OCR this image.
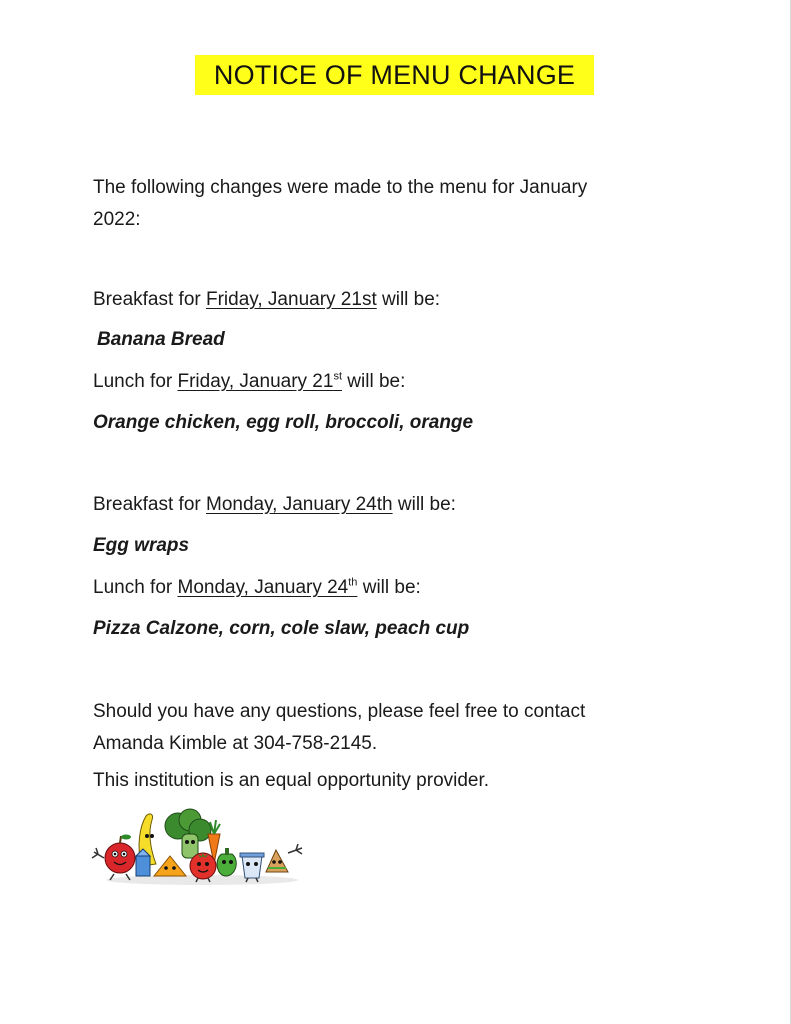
NOTICE OF MENU CHANGE
The following changes were made to the menu for January
2022:
Breakfast for Friday, January 21st will be:
Banana Bread
Lunch for Friday, January 21st will be:
Orange chicken, egg roll, broccoli, orange
Breakfast for Monday, January 24th will be:
Egg wraps
Lunch for Monday, January 24th will be:
Pizza Calzone, corn, cole slaw, peach cup
Should you have any questions, please feel free to contact
Amanda Kimble at 304-758-2145.
This institution is an equal opportunity provider.
